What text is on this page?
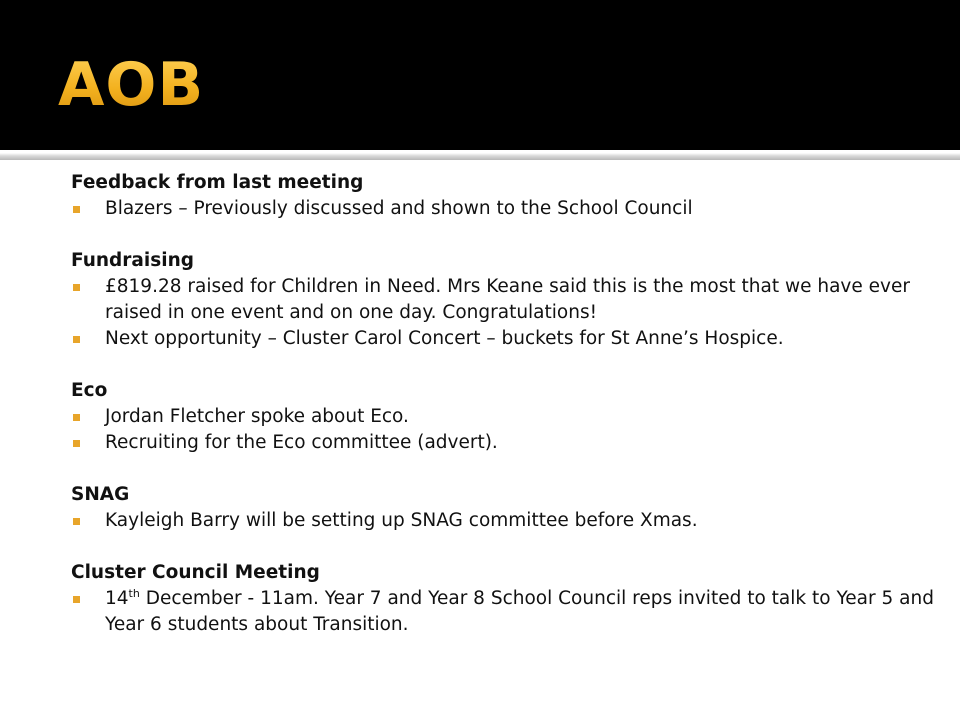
AOB
Feedback from last meeting
Blazers – Previously discussed and shown to the School Council
Fundraising
£819.28 raised for Children in Need. Mrs Keane said this is the most that we have ever raised in one event and on one day. Congratulations!
Next opportunity – Cluster Carol Concert – buckets for St Anne’s Hospice.
Eco
Jordan Fletcher spoke about Eco.
Recruiting for the Eco committee (advert).
SNAG
Kayleigh Barry will be setting up SNAG committee before Xmas.
Cluster Council Meeting
14th December - 11am. Year 7 and Year 8 School Council reps invited to talk to Year 5 and Year 6 students about Transition.
